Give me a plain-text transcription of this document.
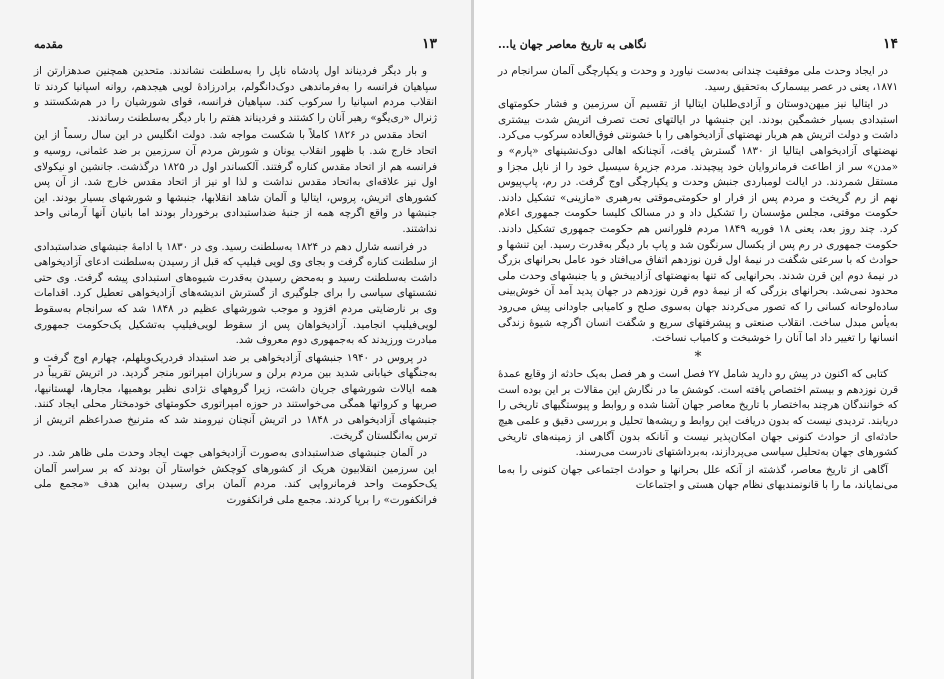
۱۳
مقدمه

و بار دیگر فردیناند اول پادشاه ناپل را به‌سلطنت نشاندند. متحدین همچنین صدهزارتن از سپاهیان فرانسه را به‌فرماندهی دوک‌دانگولم، برادرزادهٔ لویی هیجدهم، روانه اسپانیا کردند تا انقلاب مردم اسپانیا را سرکوب کند. سپاهیان فرانسه، قوای شورشیان را در هم‌شکستند و ژنرال «ری‌یگو» رهبر آنان را کشتند و فردیناند هفتم را بار دیگر به‌سلطنت رساندند.

اتحاد مقدس در ۱۸۲۶ کاملاً با شکست مواجه شد. دولت انگلیس در این سال رسماً از این اتحاد خارج شد. با ظهور انقلاب یونان و شورش مردم آن سرزمین بر ضد عثمانی، روسیه و فرانسه هم از اتحاد مقدس کناره گرفتند. آلکساندر اول در ۱۸۲۵ درگذشت. جانشین او نیکولای اول نیز علاقه‌ای به‌اتحاد مقدس نداشت و لذا او نیز از اتحاد مقدس خارج شد. از آن پس کشورهای اتریش، پروس، ایتالیا و آلمان شاهد انقلابها، جنبشها و شورشهای بسیار بودند. این جنبشها در واقع اگرچه همه از جنبهٔ ضداستبدادی برخوردار بودند اما بانیان آنها آرمانی واحد نداشتند.

در فرانسه شارل دهم در ۱۸۲۴ به‌سلطنت رسید. وی در ۱۸۳۰ با ادامهٔ جنبشهای ضداستبدادی از سلطنت کناره گرفت و بجای وی لویی فیلیپ که قبل از رسیدن به‌سلطنت ادعای آزادیخواهی داشت به‌سلطنت رسید و به‌محض رسیدن به‌قدرت شیوه‌های استبدادی پیشه گرفت. وی حتی نشستهای سیاسی را برای جلوگیری از گسترش اندیشه‌های آزادیخواهی تعطیل کرد. اقدامات وی بر نارضایتی مردم افزود و موجب شورشهای عظیم در ۱۸۴۸ شد که سرانجام به‌سقوط لویی‌فیلیپ انجامید. آزادیخواهان پس از سقوط لویی‌فیلیپ به‌تشکیل یک‌حکومت جمهوری مبادرت ورزیدند که به‌جمهوری دوم معروف شد.

در پروس در ۱۹۴۰ جنبشهای آزادیخواهی بر ضد استبداد فردریک‌ویلهلم، چهارم اوج گرفت و به‌جنگهای خیابانی شدید بین مردم برلن و سربازان امپراتور منجر گردید. در اتریش تقریباً در همه ایالات شورشهای جریان داشت، زیرا گروههای نژادی نظیر بوهمیها، مجارها، لهستانیها، صربها و کرواتها همگی می‌خواستند در حوزه امپراتوری حکومتهای خودمختار محلی ایجاد کنند. جنبشهای آزادیخواهی در ۱۸۴۸ در اتریش آنچنان نیرومند شد که مترنیخ صدراعظم اتریش از ترس به‌انگلستان گریخت.

در آلمان جنبشهای ضداستبدادی به‌صورت آزادیخواهی جهت ایجاد وحدت ملی ظاهر شد. در این سرزمین انقلابیون هریک از کشورهای کوچکش خواستار آن بودند که بر سراسر آلمان یک‌حکومت واحد فرمانروایی کند. مردم آلمان برای رسیدن به‌این هدف «مجمع ملی فرانکفورت» را برپا کردند. مجمع ملی فرانکفورت

۱۴
نگاهی به تاریخ معاصر جهان یا...

در ایجاد وحدت ملی موفقیت چندانی به‌دست نیاورد و وحدت و یکپارچگی آلمان سرانجام در ۱۸۷۱، یعنی در عصر بیسمارک به‌تحقیق رسید.

در ایتالیا نیز میهن‌دوستان و آزادی‌طلبان ایتالیا از تقسیم آن سرزمین و فشار حکومتهای استبدادی بسیار خشمگین بودند. این جنبشها در ایالتهای تحت تصرف اتریش شدت بیشتری داشت و دولت اتریش هم هربار نهضتهای آزادیخواهی را با خشونتی فوق‌العاده سرکوب می‌کرد. نهضتهای آزادیخواهی ایتالیا از ۱۸۳۰ گسترش یافت، آنچنانکه اهالی دوک‌نشینهای «پارم» و «مدن» سر از اطاعت فرمانروایان خود پیچیدند. مردم جزیرهٔ سیسیل خود را از ناپل مجزا و مستقل شمردند. در ایالت لومباردی جنبش وحدت و یکپارچگی اوج گرفت. در رم، پاپ‌پیوس نهم از رم گریخت و مردم پس از فرار او حکومتی‌موقتی به‌رهبری «مازینی» تشکیل دادند. حکومت موقتی، مجلس مؤسسان را تشکیل داد و در مسالک کلیسا حکومت جمهوری اعلام کرد. چند روز بعد، یعنی ۱۸ فوریه ۱۸۴۹ مردم فلورانس هم حکومت جمهوری تشکیل دادند. حکومت جمهوری در رم پس از یکسال سرنگون شد و پاپ بار دیگر به‌قدرت رسید. این تنشها و حوادث که با سرعتی شگفت در نیمهٔ اول قرن نوزدهم اتفاق می‌افتاد خود عامل بحرانهای بزرگ در نیمهٔ دوم این قرن شدند. بحرانهایی که تنها به‌نهضتهای آزادیبخش و یا جنبشهای وحدت ملی محدود نمی‌شد. بحرانهای بزرگی که از نیمهٔ دوم قرن نوزدهم در جهان پدید آمد آن خوش‌بینی ساده‌لوحانه کسانی را که تصور می‌کردند جهان به‌سوی صلح و کامیابی جاودانی پیش می‌رود به‌یأس مبدل ساخت. انقلاب صنعتی و پیشرفتهای سریع و شگفت انسان اگرچه شیوهٔ زندگی انسانها را تغییر داد اما آنان را خوشبخت و کامیاب نساخت.

*

کتابی که اکنون در پیش رو دارید شامل ۲۷ فصل است و هر فصل به‌یک حادثه از وقایع عمدهٔ قرن نوزدهم و بیستم اختصاص یافته است. کوشش ما در نگارش این مقالات بر این بوده است که خوانندگان هرچند به‌اختصار با تاریخ معاصر جهان آشنا شده و روابط و پیوستگیهای تاریخی را دریابند. تردیدی نیست که بدون دریافت این روابط و ریشه‌ها تحلیل و بررسی دقیق و علمی هیچ حادثه‌ای از حوادث کنونی جهان امکان‌پذیر نیست و آنانکه بدون آگاهی از زمینه‌های تاریخی کشورهای جهان به‌تحلیل سیاسی می‌پردازند، به‌برداشتهای نادرست می‌رسند.

آگاهی از تاریخ معاصر، گذشته از آنکه علل بحرانها و حوادث اجتماعی جهان کنونی را به‌ما می‌نمایاند، ما را با قانونمندیهای نظام جهان هستی و اجتماعات
